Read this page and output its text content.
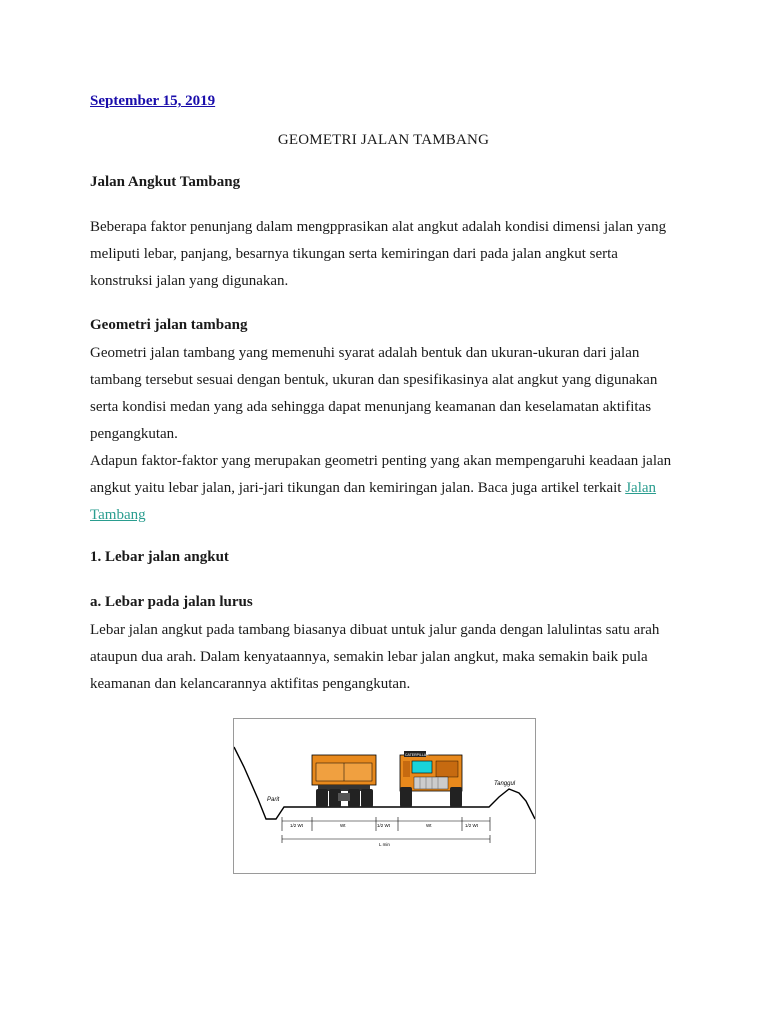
September 15, 2019
GEOMETRI JALAN TAMBANG
Jalan Angkut Tambang
Beberapa faktor penunjang dalam mengpprasikan alat angkut adalah kondisi dimensi jalan yang
meliputi lebar, panjang, besarnya tikungan serta kemiringan dari pada jalan angkut serta
konstruksi jalan yang digunakan.
Geometri jalan tambang
Geometri jalan tambang yang memenuhi syarat adalah bentuk dan ukuran-ukuran dari jalan
tambang tersebut sesuai dengan bentuk, ukuran dan spesifikasinya alat angkut yang digunakan
serta kondisi medan yang ada sehingga dapat menunjang keamanan dan keselamatan aktifitas
pengangkutan.
Adapun faktor-faktor yang merupakan geometri penting yang akan mempengaruhi keadaan jalan
angkut yaitu lebar jalan, jari-jari tikungan dan kemiringan jalan. Baca juga artikel terkait Jalan
Tambang
1. Lebar jalan angkut
a. Lebar pada jalan lurus
Lebar jalan angkut pada tambang biasanya dibuat untuk jalur ganda dengan lalulintas satu arah
ataupun dua arah. Dalam kenyataannya, semakin lebar jalan angkut, maka semakin baik pula
keamanan dan kelancarannya aktifitas pengangkutan.
CATERPILLAR
Parit
Tanggul
1/2 Wt	Wt	1/2 Wt	Wt	1/2 Wt
L min
